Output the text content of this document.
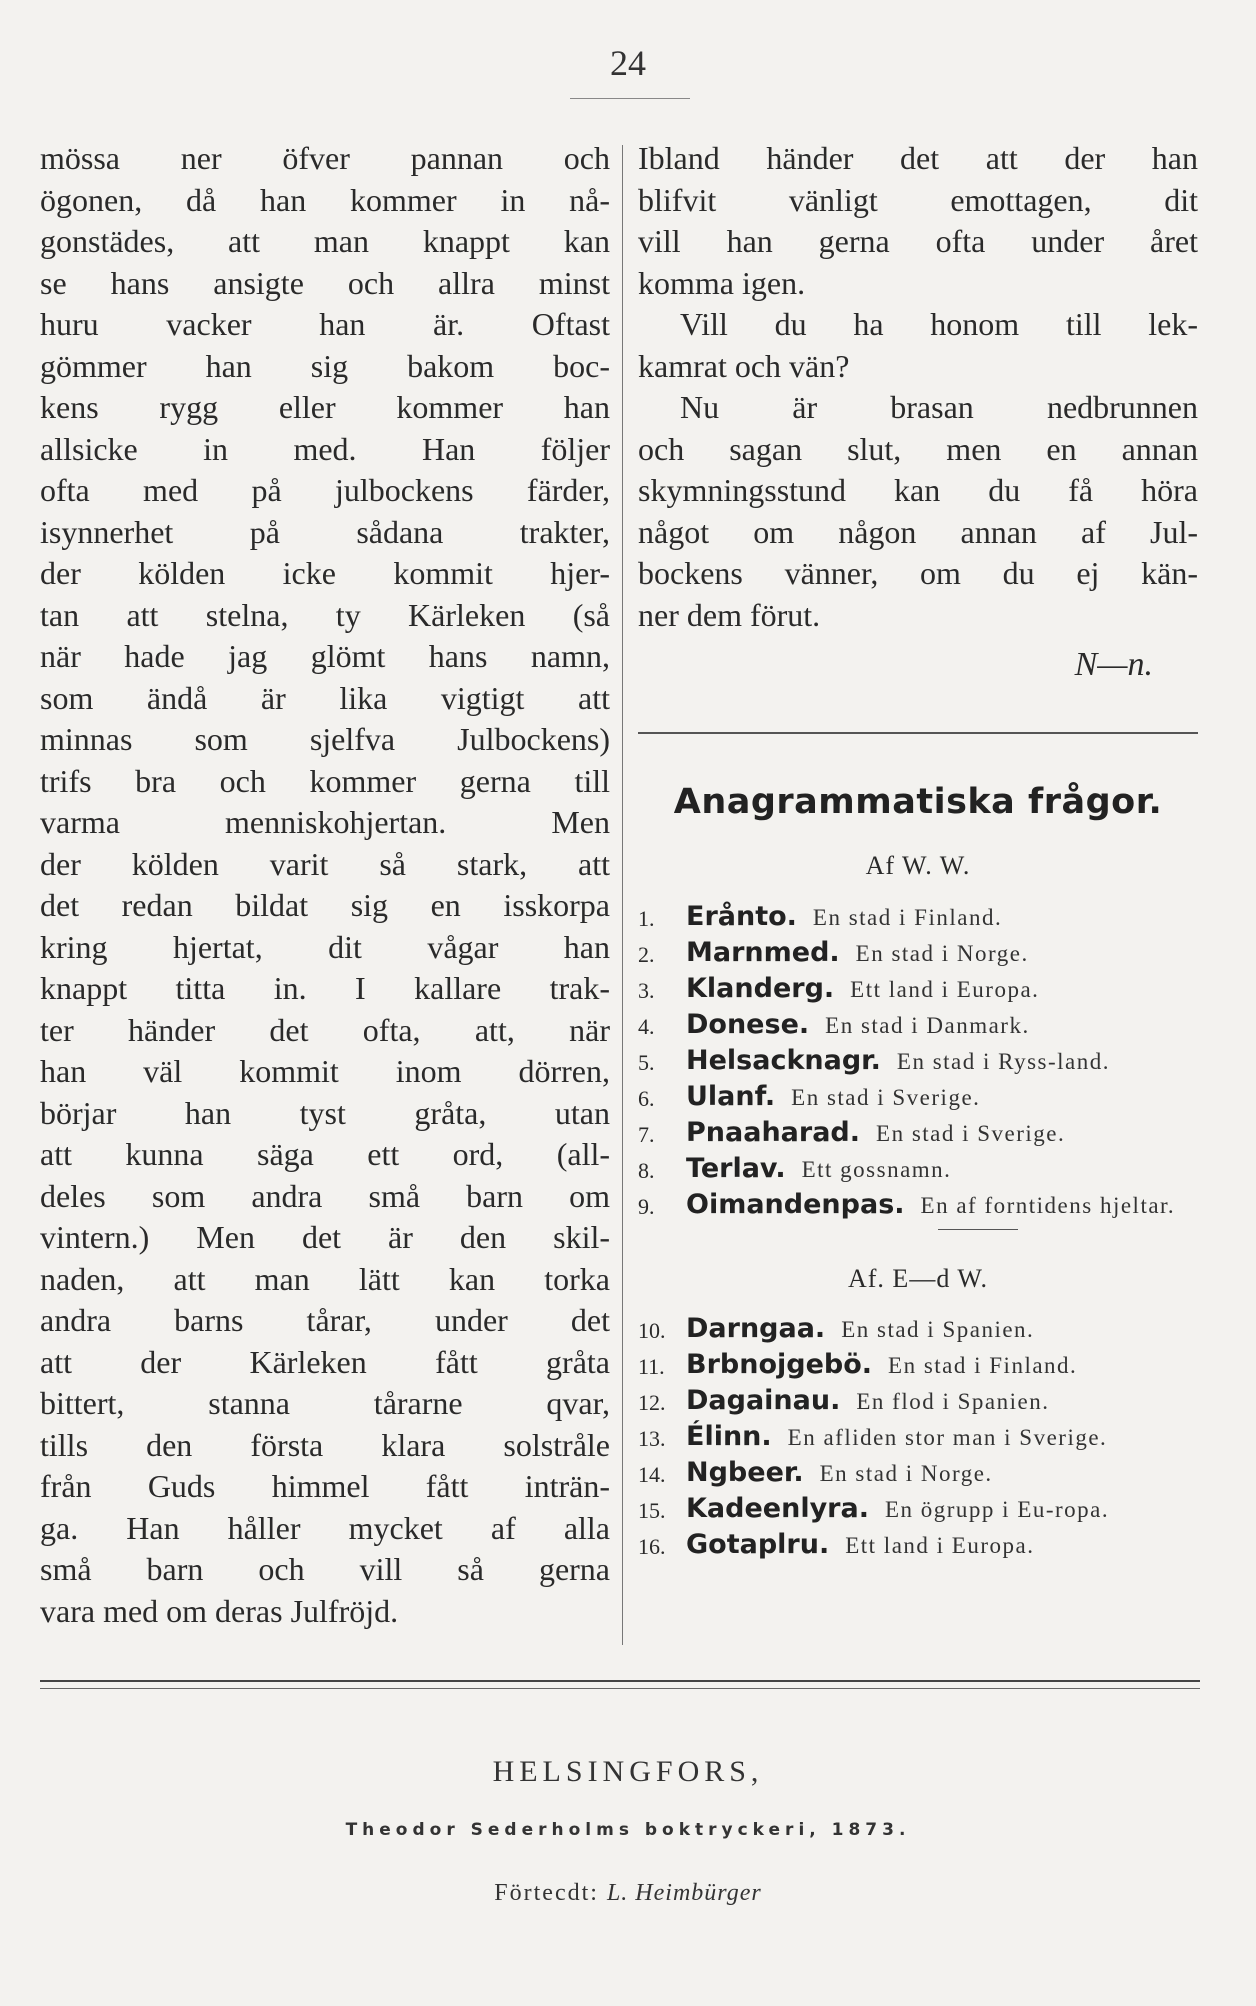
24
mössa ner öfver pannan och
ögonen, då han kommer in nå-
gonstädes, att man knappt kan
se hans ansigte och allra minst
huru vacker han är. Oftast
gömmer han sig bakom boc-
kens rygg eller kommer han
allsicke in med. Han följer
ofta med på julbockens färder,
isynnerhet på sådana trakter,
der kölden icke kommit hjer-
tan att stelna, ty Kärleken (så
när hade jag glömt hans namn,
som ändå är lika vigtigt att
minnas som sjelfva Julbockens)
trifs bra och kommer gerna till
varma menniskohjertan. Men
der kölden varit så stark, att
det redan bildat sig en isskorpa
kring hjertat, dit vågar han
knappt titta in. I kallare trak-
ter händer det ofta, att, när
han väl kommit inom dörren,
börjar han tyst gråta, utan
att kunna säga ett ord, (all-
deles som andra små barn om
vintern.) Men det är den skil-
naden, att man lätt kan torka
andra barns tårar, under det
att der Kärleken fått gråta
bittert, stanna tårarne qvar,
tills den första klara solstråle
från Guds himmel fått inträn-
ga. Han håller mycket af alla
små barn och vill så gerna
vara med om deras Julfröjd.
Ibland händer det att der han
blifvit vänligt emottagen, dit
vill han gerna ofta under året
komma igen.
Vill du ha honom till lek-
kamrat och vän?
Nu är brasan nedbrunnen
och sagan slut, men en annan
skymningsstund kan du få höra
något om någon annan af Jul-
bockens vänner, om du ej kän-
ner dem förut.
N—n.
Anagrammatiska frågor.
Af W. W.
1.	Erånto. En stad i Finland.
2.	Marnmed. En stad i Norge.
3.	Klanderg. Ett land i Europa.
4.	Donese. En stad i Danmark.
5.	Helsacknagr. En stad i Ryss-land.
6.	Ulanf. En stad i Sverige.
7.	Pnaaharad. En stad i Sverige.
8.	Terlav. Ett gossnamn.
9.	Oimandenpas. En af forntidens hjeltar.
Af. E—d W.
10. Darngaa. En stad i Spanien.
11. Brbnojgebö. En stad i Finland.
12. Dagainau. En flod i Spanien.
13. Élinn. En afliden stor man i Sverige.
14. Ngbeer. En stad i Norge.
15. Kadeenlyra. En ögrupp i Eu-ropa.
16. Gotaplru. Ett land i Europa.
HELSINGFORS,
Theodor Sederholms boktryckeri, 1873.
Förtecdt: L. Heimbürger
